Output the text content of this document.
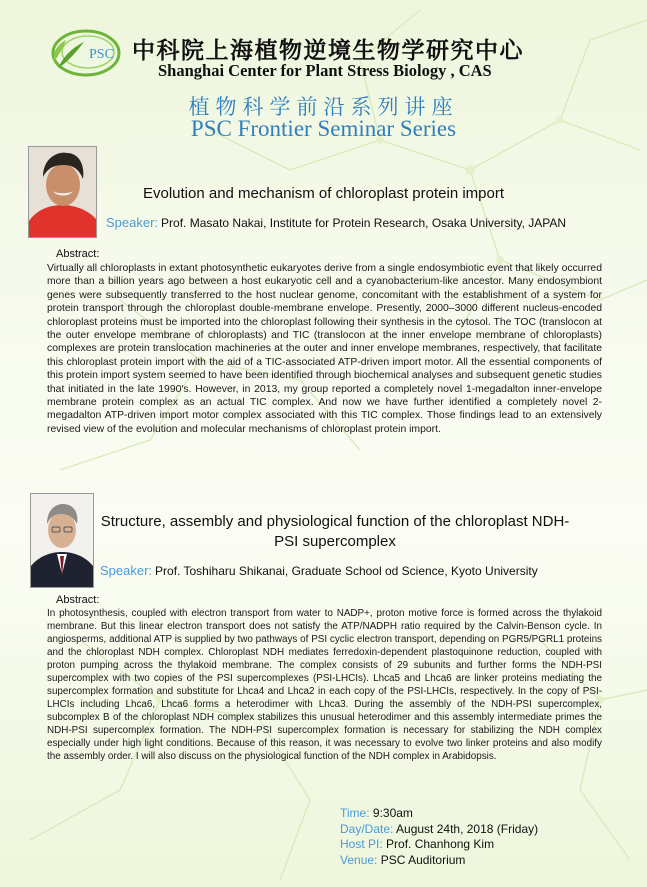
PSC 中科院上海植物逆境生物学研究中心
Shanghai Center for Plant Stress Biology , CAS
植物科学前沿系列讲座
PSC Frontier Seminar Series
Evolution and mechanism of chloroplast protein import
Speaker: Prof. Masato Nakai, Institute for Protein Research, Osaka University, JAPAN
Abstract:
Virtually all chloroplasts in extant photosynthetic eukaryotes derive from a single endosymbiotic event that likely occurred more than a billion years ago between a host eukaryotic cell and a cyanobacterium-like ancestor. Many endosymbiont genes were subsequently transferred to the host nuclear genome, concomitant with the establishment of a system for protein transport through the chloroplast double-membrane envelope. Presently, 2000–3000 different nucleus-encoded chloroplast proteins must be imported into the chloroplast following their synthesis in the cytosol. The TOC (translocon at the outer envelope membrane of chloroplasts) and TIC (translocon at the inner envelope membrane of chloroplasts) complexes are protein translocation machineries at the outer and inner envelope membranes, respectively, that facilitate this chloroplast protein import with the aid of a TIC-associated ATP-driven import motor. All the essential components of this protein import system seemed to have been identified through biochemical analyses and subsequent genetic studies that initiated in the late 1990's. However, in 2013, my group reported a completely novel 1-megadalton inner-envelope membrane protein complex as an actual TIC complex. And now we have further identified a completely novel 2-megadalton ATP-driven import motor complex associated with this TIC complex. Those findings lead to an extensively revised view of the evolution and molecular mechanisms of chloroplast protein import.
Structure, assembly and physiological function of the chloroplast NDH-PSI supercomplex
Speaker: Prof. Toshiharu Shikanai, Graduate School od Science, Kyoto University
Abstract:
In photosynthesis, coupled with electron transport from water to NADP+, proton motive force is formed across the thylakoid membrane. But this linear electron transport does not satisfy the ATP/NADPH ratio required by the Calvin-Benson cycle. In angiosperms, additional ATP is supplied by two pathways of PSI cyclic electron transport, depending on PGR5/PGRL1 proteins and the chloroplast NDH complex. Chloroplast NDH mediates ferredoxin-dependent plastoquinone reduction, coupled with proton pumping across the thylakoid membrane. The complex consists of 29 subunits and further forms the NDH-PSI supercomplex with two copies of the PSI supercomplexes (PSI-LHCIs). Lhca5 and Lhca6 are linker proteins mediating the supercomplex formation and substitute for Lhca4 and Lhca2 in each copy of the PSI-LHCIs, respectively. In the copy of PSI-LHCIs including Lhca6, Lhca6 forms a heterodimer with Lhca3. During the assembly of the NDH-PSI supercomplex, subcomplex B of the chloroplast NDH complex stabilizes this unusual heterodimer and this assembly intermediate primes the NDH-PSI supercomplex formation. The NDH-PSI supercomplex formation is necessary for stabilizing the NDH complex especially under high light conditions. Because of this reason, it was necessary to evolve two linker proteins and also modify the assembly order. I will also discuss on the physiological function of the NDH complex in Arabidopsis.
Time: 9:30am
Day/Date: August 24th, 2018 (Friday)
Host PI: Prof. Chanhong Kim
Venue: PSC Auditorium
